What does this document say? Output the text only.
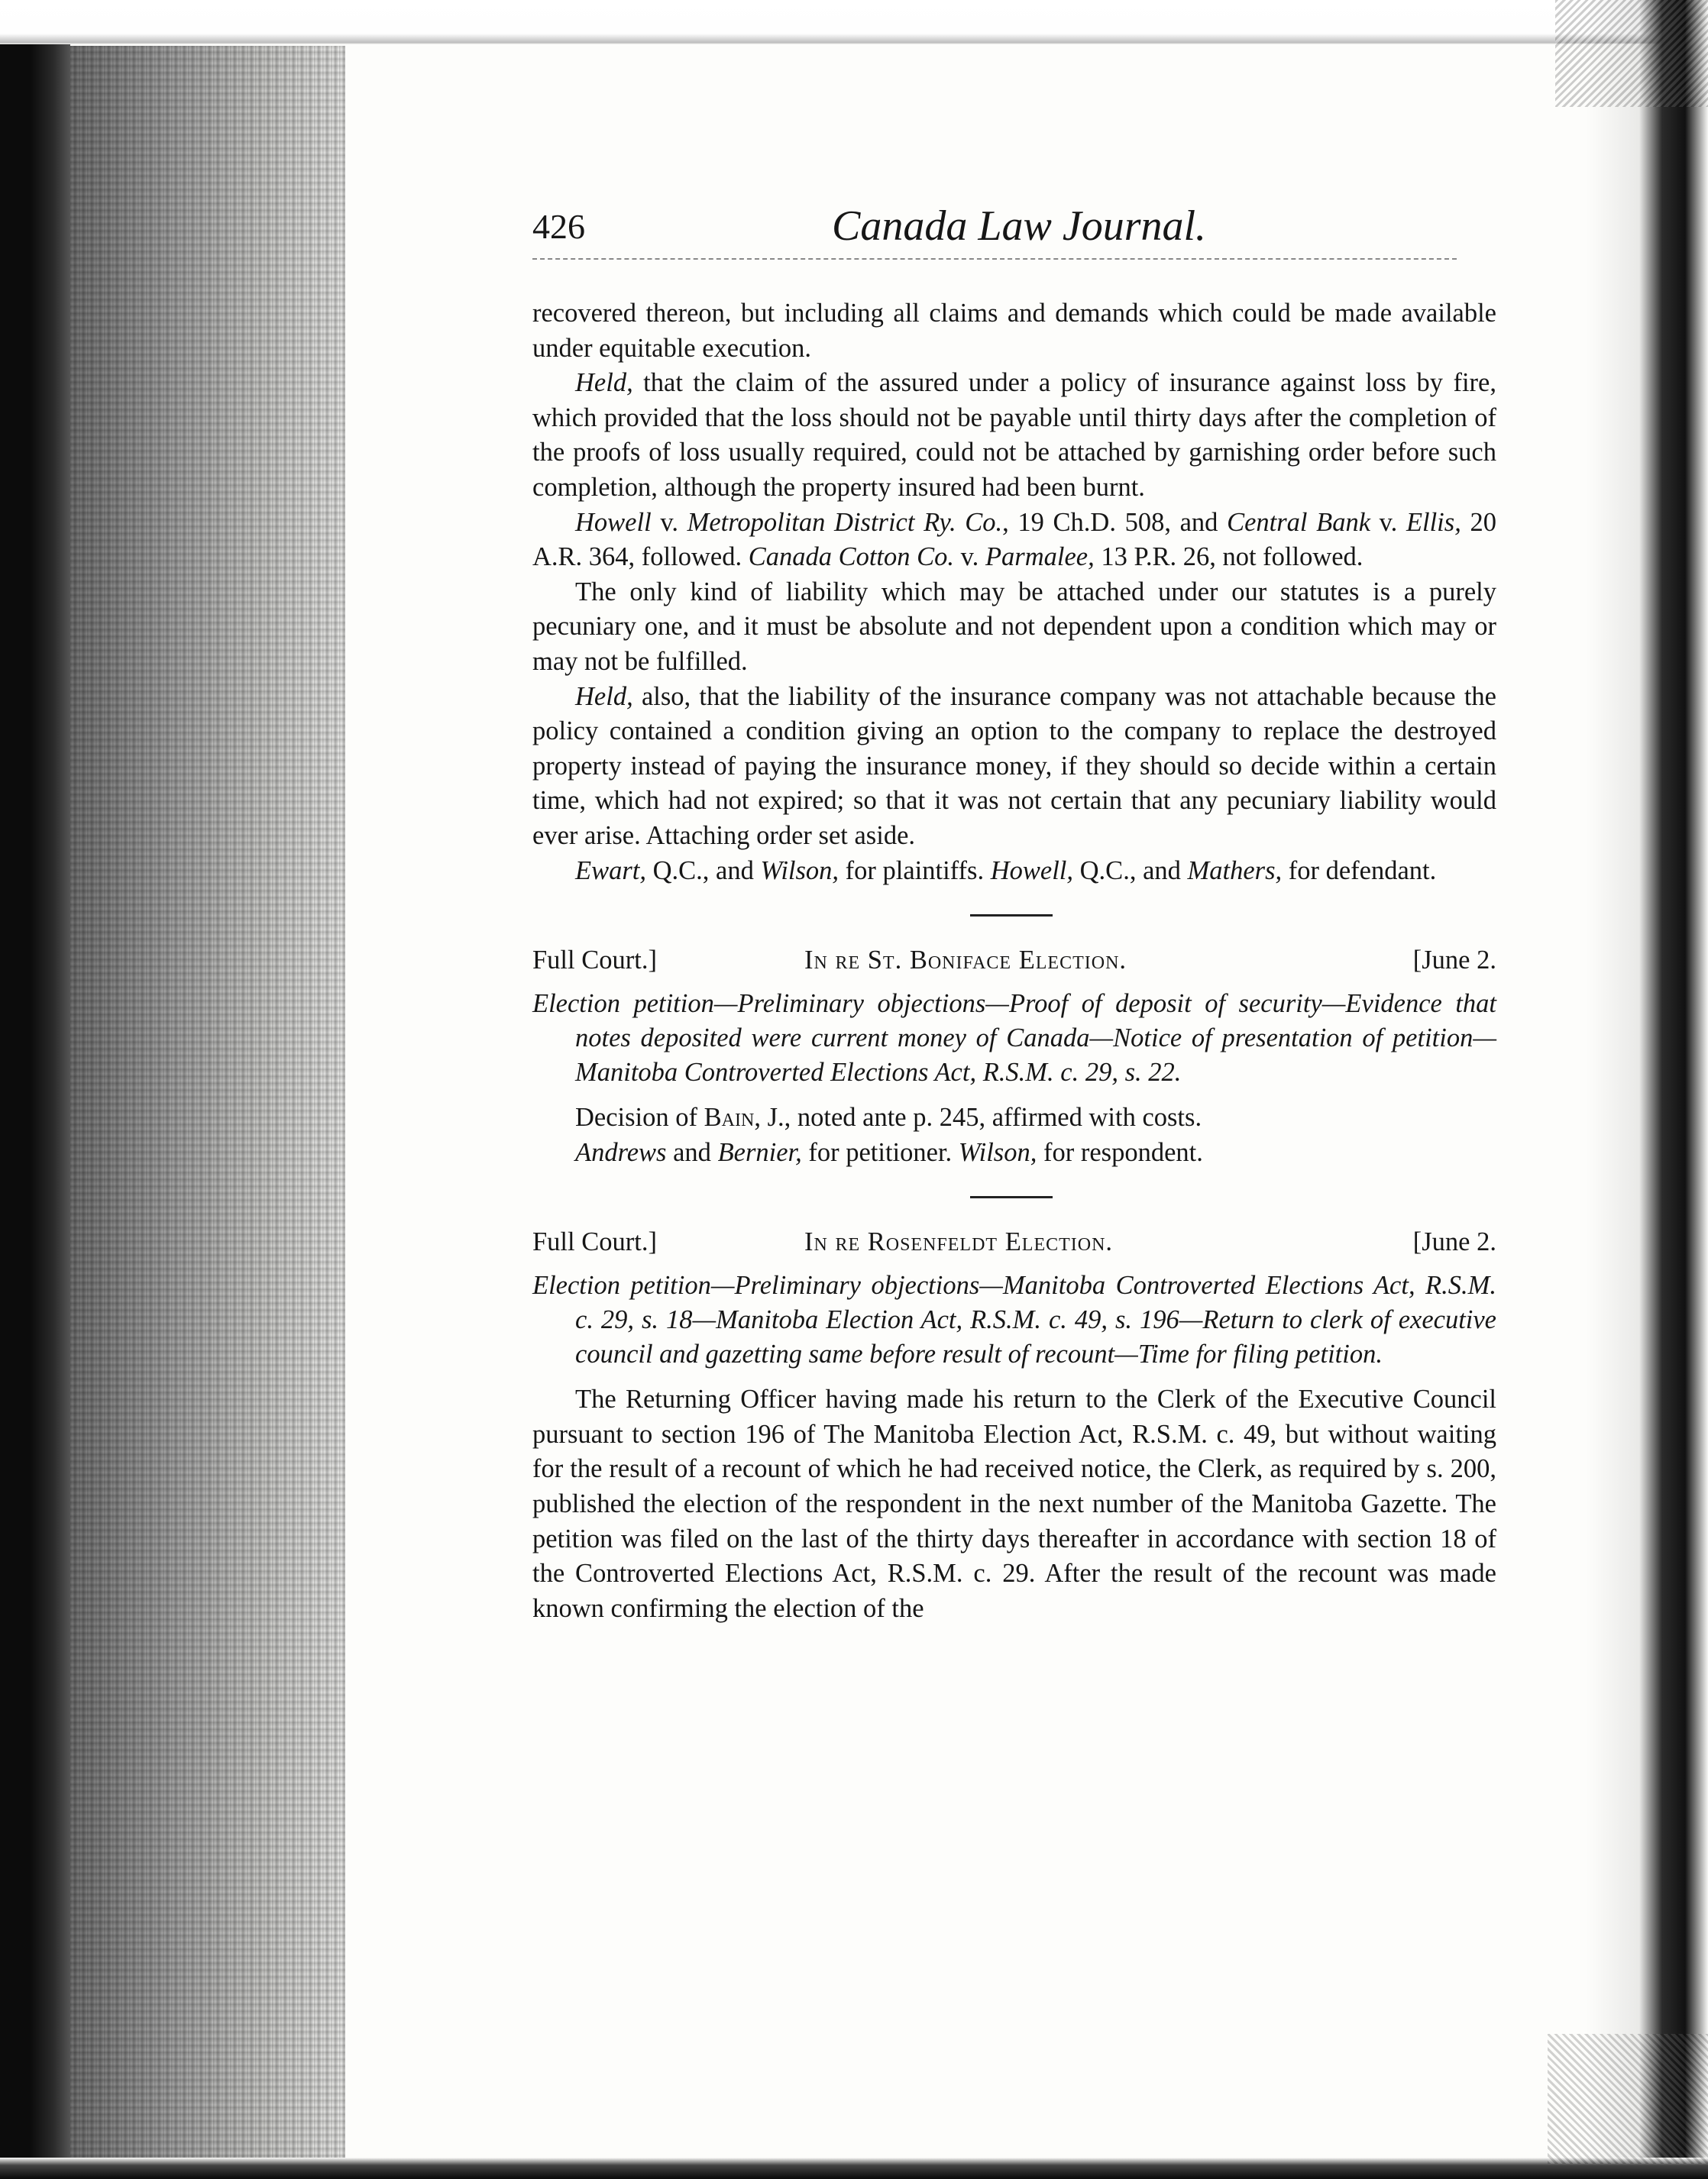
426	Canada Law Journal.

recovered thereon, but including all claims and demands which could be made available under equitable execution.

Held, that the claim of the assured under a policy of insurance against loss by fire, which provided that the loss should not be payable until thirty days after the completion of the proofs of loss usually required, could not be attached by garnishing order before such completion, although the property insured had been burnt.

Howell v. Metropolitan District Ry. Co., 19 Ch.D. 508, and Central Bank v. Ellis, 20 A.R. 364, followed. Canada Cotton Co. v. Parmalee, 13 P.R. 26, not followed.

The only kind of liability which may be attached under our statutes is a purely pecuniary one, and it must be absolute and not dependent upon a condition which may or may not be fulfilled.

Held, also, that the liability of the insurance company was not attachable because the policy contained a condition giving an option to the company to replace the destroyed property instead of paying the insurance money, if they should so decide within a certain time, which had not expired; so that it was not certain that any pecuniary liability would ever arise. Attaching order set aside.

Ewart, Q.C., and Wilson, for plaintiffs. Howell, Q.C., and Mathers, for defendant.

Full Court.]	In re St. Boniface Election.	[June 2.

Election petition—Preliminary objections—Proof of deposit of security—Evidence that notes deposited were current money of Canada—Notice of presentation of petition—Manitoba Controverted Elections Act, R.S.M. c. 29, s. 22.

Decision of Bain, J., noted ante p. 245, affirmed with costs.

Andrews and Bernier, for petitioner. Wilson, for respondent.

Full Court.]	In re Rosenfeldt Election.	[June 2.

Election petition—Preliminary objections—Manitoba Controverted Elections Act, R.S.M. c. 29, s. 18—Manitoba Election Act, R.S.M. c. 49, s. 196—Return to clerk of executive council and gazetting same before result of recount—Time for filing petition.

The Returning Officer having made his return to the Clerk of the Executive Council pursuant to section 196 of The Manitoba Election Act, R.S.M. c. 49, but without waiting for the result of a recount of which he had received notice, the Clerk, as required by s. 200, published the election of the respondent in the next number of the Manitoba Gazette. The petition was filed on the last of the thirty days thereafter in accordance with section 18 of the Controverted Elections Act, R.S.M. c. 29. After the result of the recount was made known confirming the election of the
